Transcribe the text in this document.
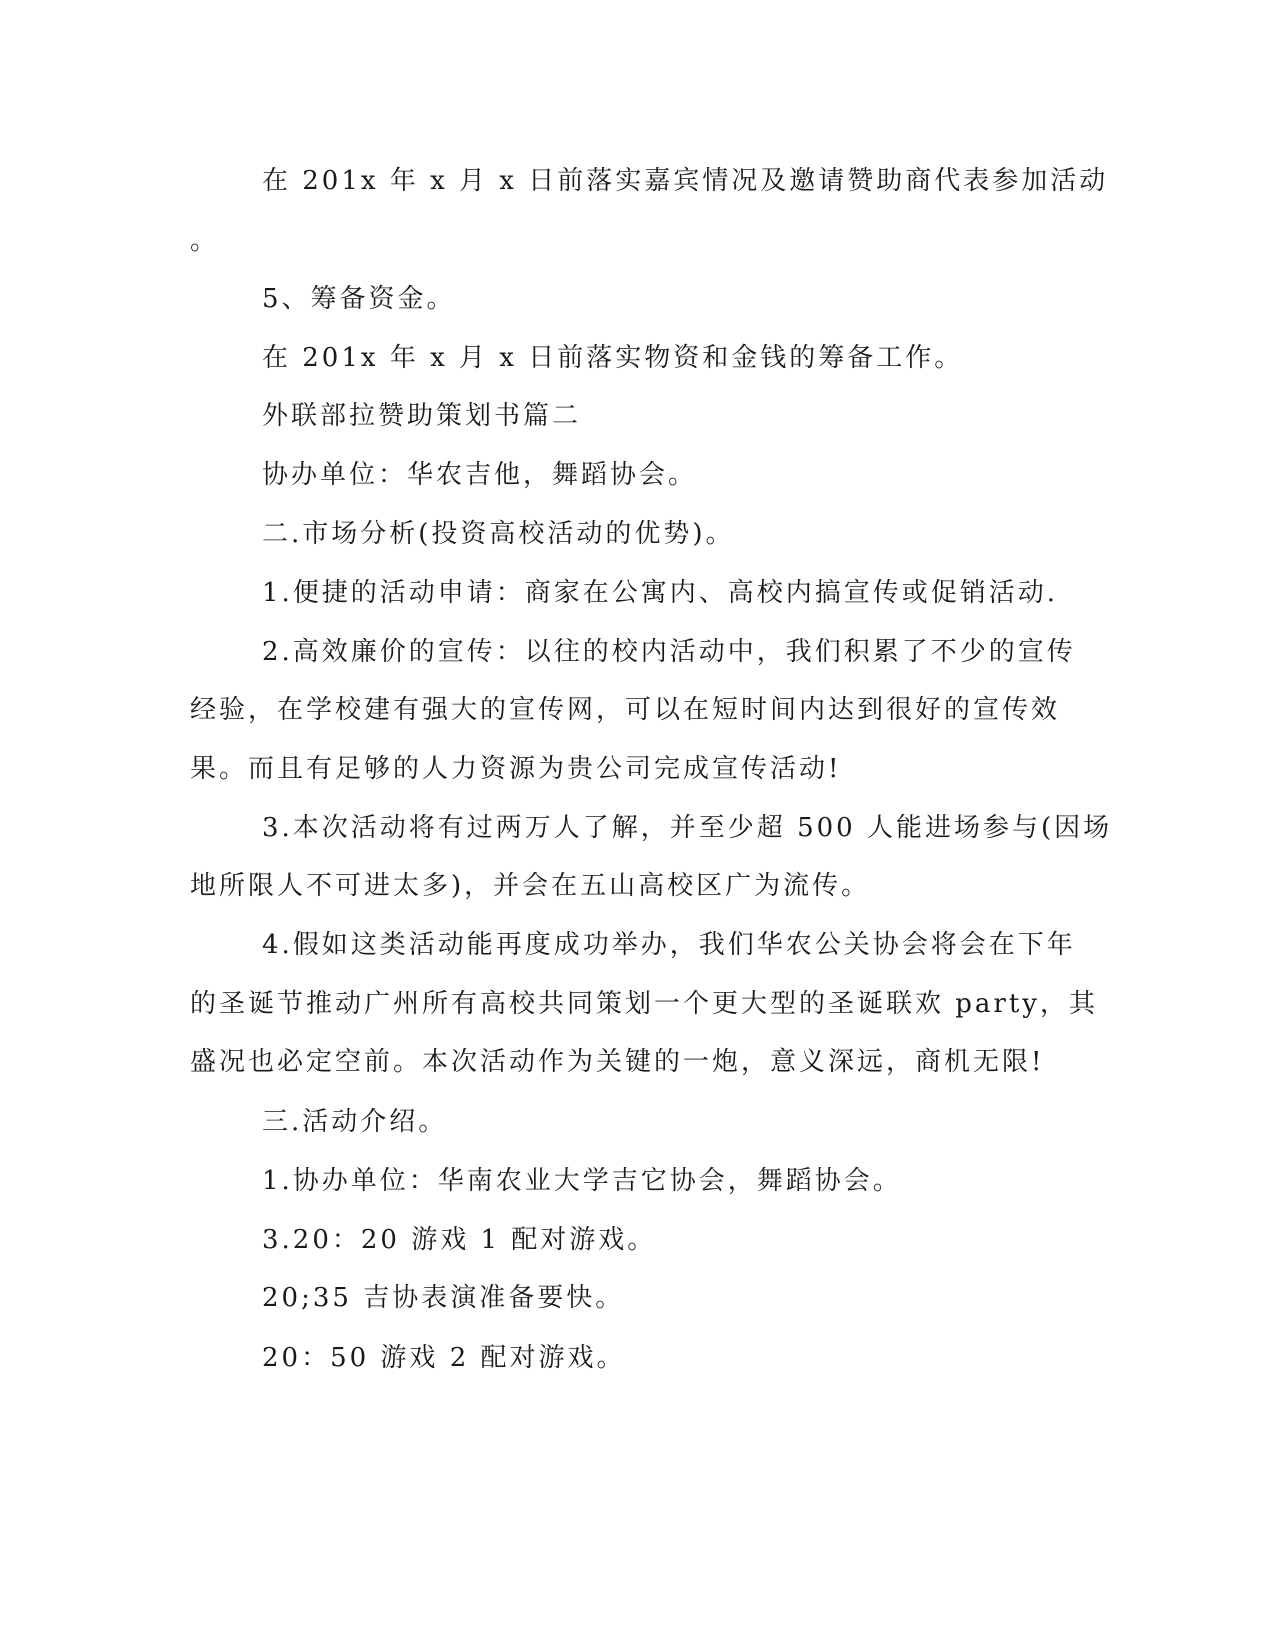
在 201x 年 x 月 x 日前落实嘉宾情况及邀请赞助商代表参加活动
。
5、筹备资金。
在 201x 年 x 月 x 日前落实物资和金钱的筹备工作。
外联部拉赞助策划书篇二
协办单位：华农吉他，舞蹈协会。
二.市场分析(投资高校活动的优势)。
1.便捷的活动申请：商家在公寓内、高校内搞宣传或促销活动.
2.高效廉价的宣传：以往的校内活动中，我们积累了不少的宣传
经验，在学校建有强大的宣传网，可以在短时间内达到很好的宣传效
果。而且有足够的人力资源为贵公司完成宣传活动!
3.本次活动将有过两万人了解，并至少超 500 人能进场参与(因场
地所限人不可进太多)，并会在五山高校区广为流传。
4.假如这类活动能再度成功举办，我们华农公关协会将会在下年
的圣诞节推动广州所有高校共同策划一个更大型的圣诞联欢 party，其
盛况也必定空前。本次活动作为关键的一炮，意义深远，商机无限!
三.活动介绍。
1.协办单位：华南农业大学吉它协会，舞蹈协会。
3.20：20 游戏 1 配对游戏。
20;35 吉协表演准备要快。
20：50 游戏 2 配对游戏。
